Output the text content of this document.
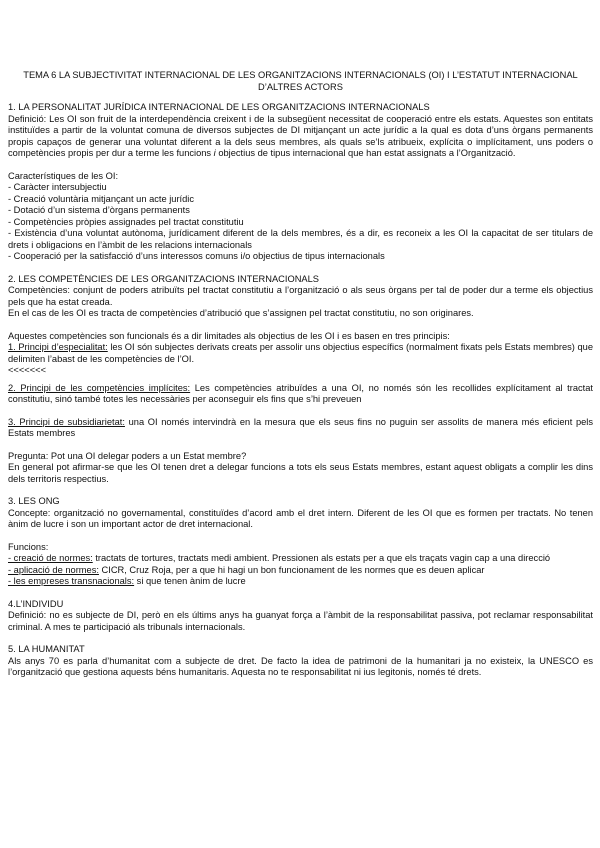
TEMA 6 LA SUBJECTIVITAT INTERNACIONAL DE LES ORGANITZACIONS INTERNACIONALS (OI) I L’ESTATUT INTERNACIONAL D’ALTRES ACTORS
1. LA PERSONALITAT JURÍDICA INTERNACIONAL DE LES ORGANITZACIONS INTERNACIONALS

Definició: Les OI son fruit de la interdependència creixent i de la subsegüent necessitat de cooperació entre els estats. Aquestes son entitats instituïdes a partir de la voluntat comuna de diversos subjectes de DI mitjançant un acte jurídic a la qual es dota d’uns òrgans permanents propis capaços de generar una voluntat diferent a la dels seus membres, als quals se’ls atribueix, explícita o implícitament, uns poders o competències propis per dur a terme les funcions i objectius de tipus internacional que han estat assignats a l’Organització.

Característiques de les OI:
- Caràcter intersubjectiu
- Creació voluntària mitjançant un acte jurídic
- Dotació d’un sistema d’òrgans permanents
- Competències pròpies assignades pel tractat constitutiu
- Existència d’una voluntat autònoma, jurídicament diferent de la dels membres, és a dir, es reconeix a les OI la capacitat de ser titulars de drets i obligacions en l’àmbit de les relacions internacionals
- Cooperació per la satisfacció d’uns interessos comuns i/o objectius de tipus internacionals
2. LES COMPETÈNCIES DE LES ORGANITZACIONS INTERNACIONALS

Competències: conjunt de poders atribuïts pel tractat constitutiu a l’organització o als seus òrgans per tal de poder dur a terme els objectius pels que ha estat creada.

En el cas de les OI es tracta de competències d’atribució que s’assignen pel tractat constitutiu, no son originares.

Aquestes competències son funcionals és a dir limitades als objectius de les OI i es basen en tres principis:

1. Principi d’especialitat: les OI són subjectes derivats creats per assolir uns objectius específics (normalment fixats pels Estats membres) que delimiten l’abast de les competències de l’OI.

<<<<<<<

2. Principi de les competències implícites: Les competències atribuïdes a una OI, no només són les recollides explícitament al tractat constitutiu, sinó també totes les necessàries per aconseguir els fins que s’hi preveuen

3. Principi de subsidiarietat: una OI només intervindrà en la mesura que els seus fins no puguin ser assolits de manera més eficient pels Estats membres

Pregunta: Pot una OI delegar poders a un Estat membre?

En general pot afirmar-se que les OI tenen dret a delegar funcions a tots els seus Estats membres, estant aquest obligats a complir les dins dels territoris respectius.

3. LES ONG

Concepte: organització no governamental, constituïdes d’acord amb el dret intern. Diferent de les OI que es formen per tractats. No tenen ànim de lucre i son un important actor de dret internacional.

Funcions:

- creació de normes: tractats de tortures, tractats medi ambient. Pressionen als estats per a que els traçats vagin cap a una direcció

- aplicació de normes: CICR, Cruz Roja, per a que hi hagi un bon funcionament de les normes que es deuen aplicar

- les empreses transnacionals: si que tenen ànim de lucre

4.L’INDIVIDU

Definició: no es subjecte de DI, però en els últims anys ha guanyat força a l’àmbit de la responsabilitat passiva, pot reclamar responsabilitat criminal. A mes te participació als tribunals internacionals.

5. LA HUMANITAT

Als anys 70 es parla d’humanitat com a subjecte de dret. De facto la idea de patrimoni de la humanitari ja no existeix, la UNESCO es l’organització que gestiona aquests béns humanitaris. Aquesta no te responsabilitat ni ius legitonis, només té drets.
